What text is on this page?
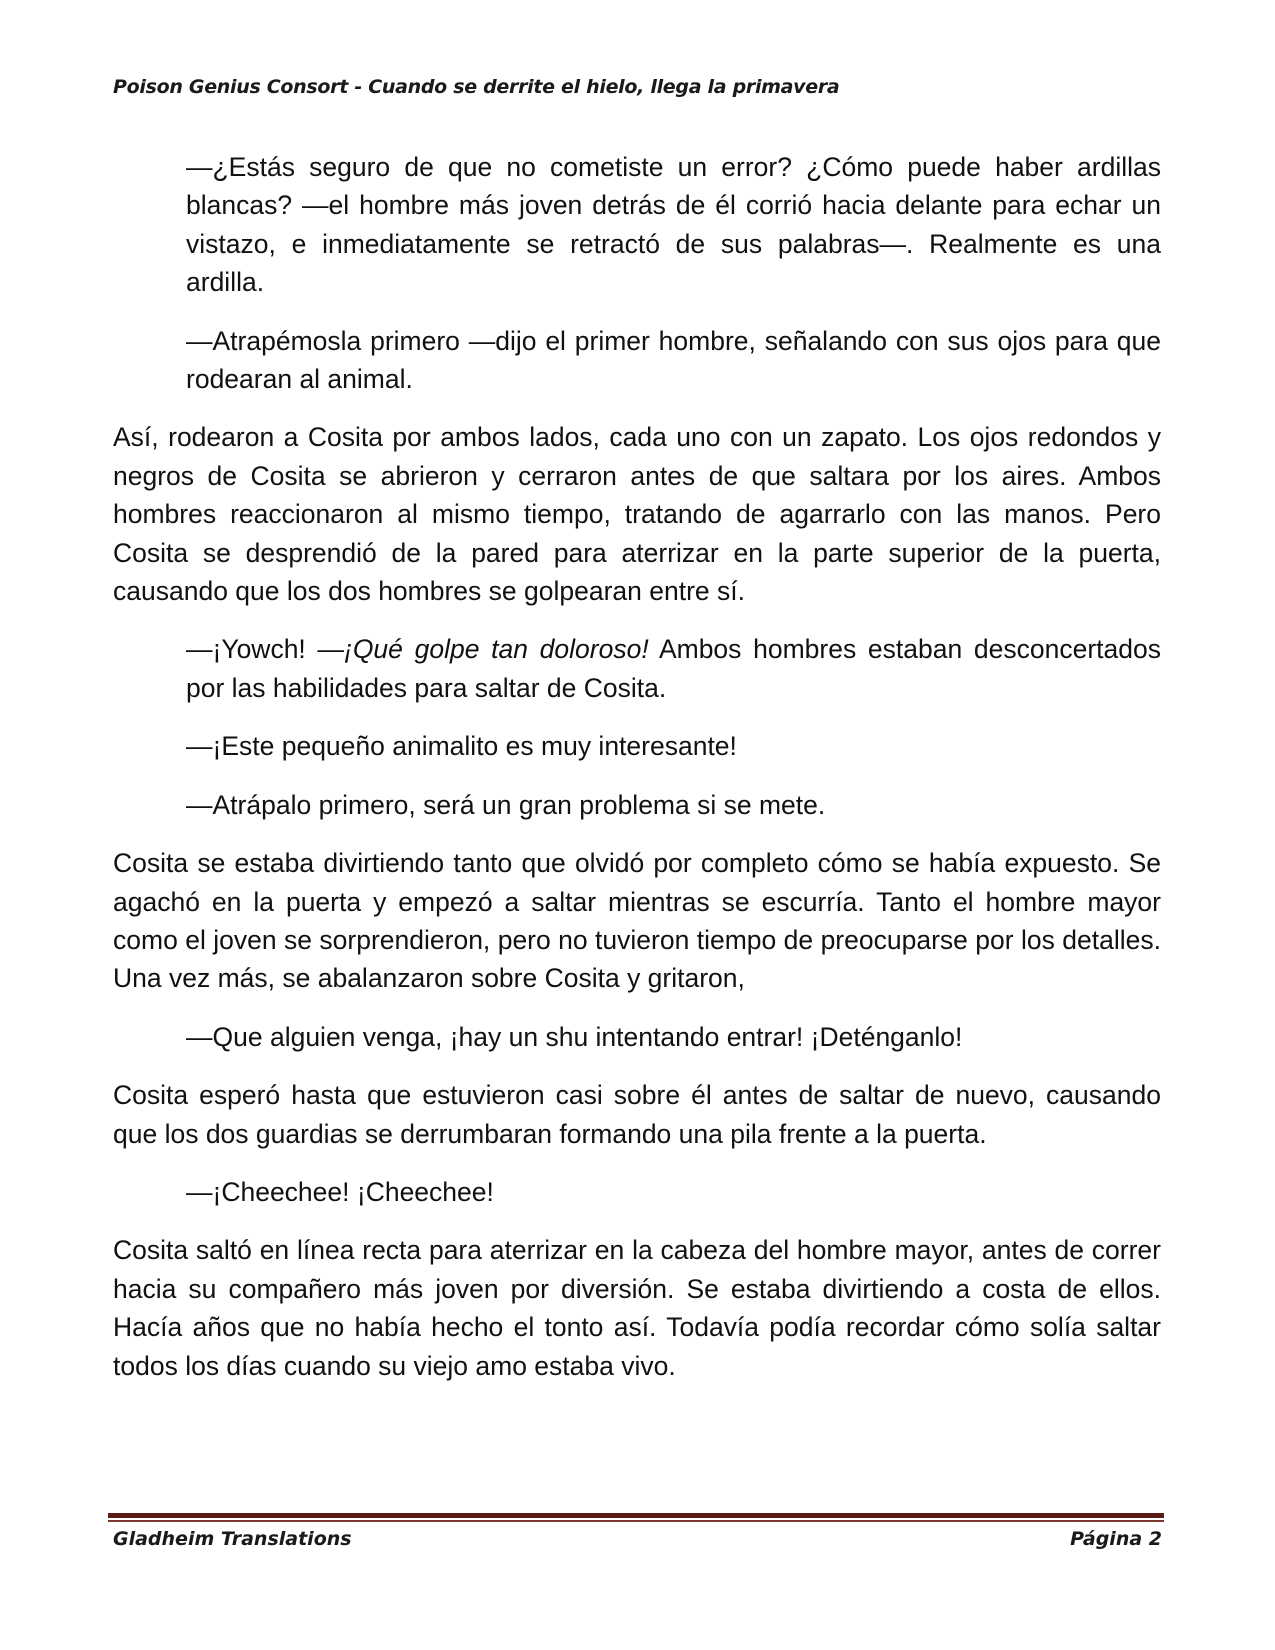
Poison Genius Consort - Cuando se derrite el hielo, llega la primavera

—¿Estás seguro de que no cometiste un error? ¿Cómo puede haber ardillas blancas? —el hombre más joven detrás de él corrió hacia delante para echar un vistazo, e inmediatamente se retractó de sus palabras—. Realmente es una ardilla.

—Atrapémosla primero —dijo el primer hombre, señalando con sus ojos para que rodearan al animal.

Así, rodearon a Cosita por ambos lados, cada uno con un zapato. Los ojos redondos y negros de Cosita se abrieron y cerraron antes de que saltara por los aires. Ambos hombres reaccionaron al mismo tiempo, tratando de agarrarlo con las manos. Pero Cosita se desprendió de la pared para aterrizar en la parte superior de la puerta, causando que los dos hombres se golpearan entre sí.

—¡Yowch! —¡Qué golpe tan doloroso! Ambos hombres estaban desconcertados por las habilidades para saltar de Cosita.

—¡Este pequeño animalito es muy interesante!

—Atrápalo primero, será un gran problema si se mete.

Cosita se estaba divirtiendo tanto que olvidó por completo cómo se había expuesto. Se agachó en la puerta y empezó a saltar mientras se escurría. Tanto el hombre mayor como el joven se sorprendieron, pero no tuvieron tiempo de preocuparse por los detalles. Una vez más, se abalanzaron sobre Cosita y gritaron,

—Que alguien venga, ¡hay un shu intentando entrar! ¡Deténganlo!

Cosita esperó hasta que estuvieron casi sobre él antes de saltar de nuevo, causando que los dos guardias se derrumbaran formando una pila frente a la puerta.

—¡Cheechee! ¡Cheechee!

Cosita saltó en línea recta para aterrizar en la cabeza del hombre mayor, antes de correr hacia su compañero más joven por diversión. Se estaba divirtiendo a costa de ellos. Hacía años que no había hecho el tonto así. Todavía podía recordar cómo solía saltar todos los días cuando su viejo amo estaba vivo.

Gladheim Translations	Página 2
